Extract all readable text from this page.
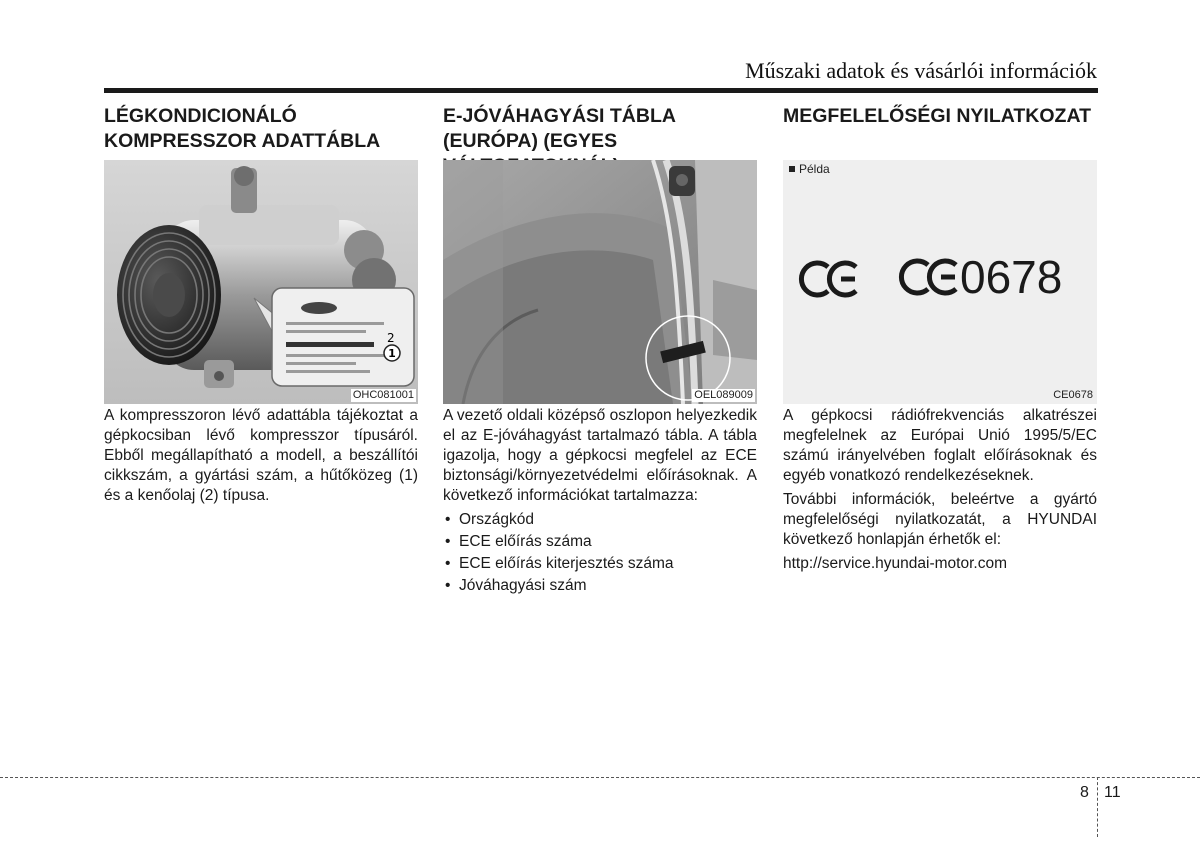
Műszaki adatok és vásárlói információk
LÉGKONDICIONÁLÓ KOMPRESSZOR ADATTÁBLA
1
2
OHC081001

A kompresszoron lévő adattábla tájékoztat a gépkocsiban lévő kompresszor típusáról. Ebből megállapítható a modell, a beszállítói cikkszám, a gyártási szám, a hűtőközeg (1) és a kenőolaj (2) típusa.

E-JÓVÁHAGYÁSI TÁBLA (EURÓPA) (EGYES
OEL089009

A vezető oldali középső oszlopon helyezkedik el az E-jóváhagyást tartalmazó tábla. A tábla igazolja, hogy a gépkocsi megfelel az ECE biztonsági/környezetvédelmi előírásoknak. A következő információkat tartalmazza:

• Országkód
• ECE előírás száma
• ECE előírás kiterjesztés száma
• Jóváhagyási szám
MEGFELELŐSÉGI NYILATKOZAT
Példa
0678
CE0678

A gépkocsi rádiófrekvenciás alkatrészei megfelelnek az Európai Unió 1995/5/EC számú irányelvében foglalt előírásoknak és egyéb vonatkozó rendelkezéseknek.

További információk, beleértve a gyártó megfelelőségi nyilatkozatát, a HYUNDAI következő honlapján érhetők el:

http://service.hyundai-motor.com

8 11
